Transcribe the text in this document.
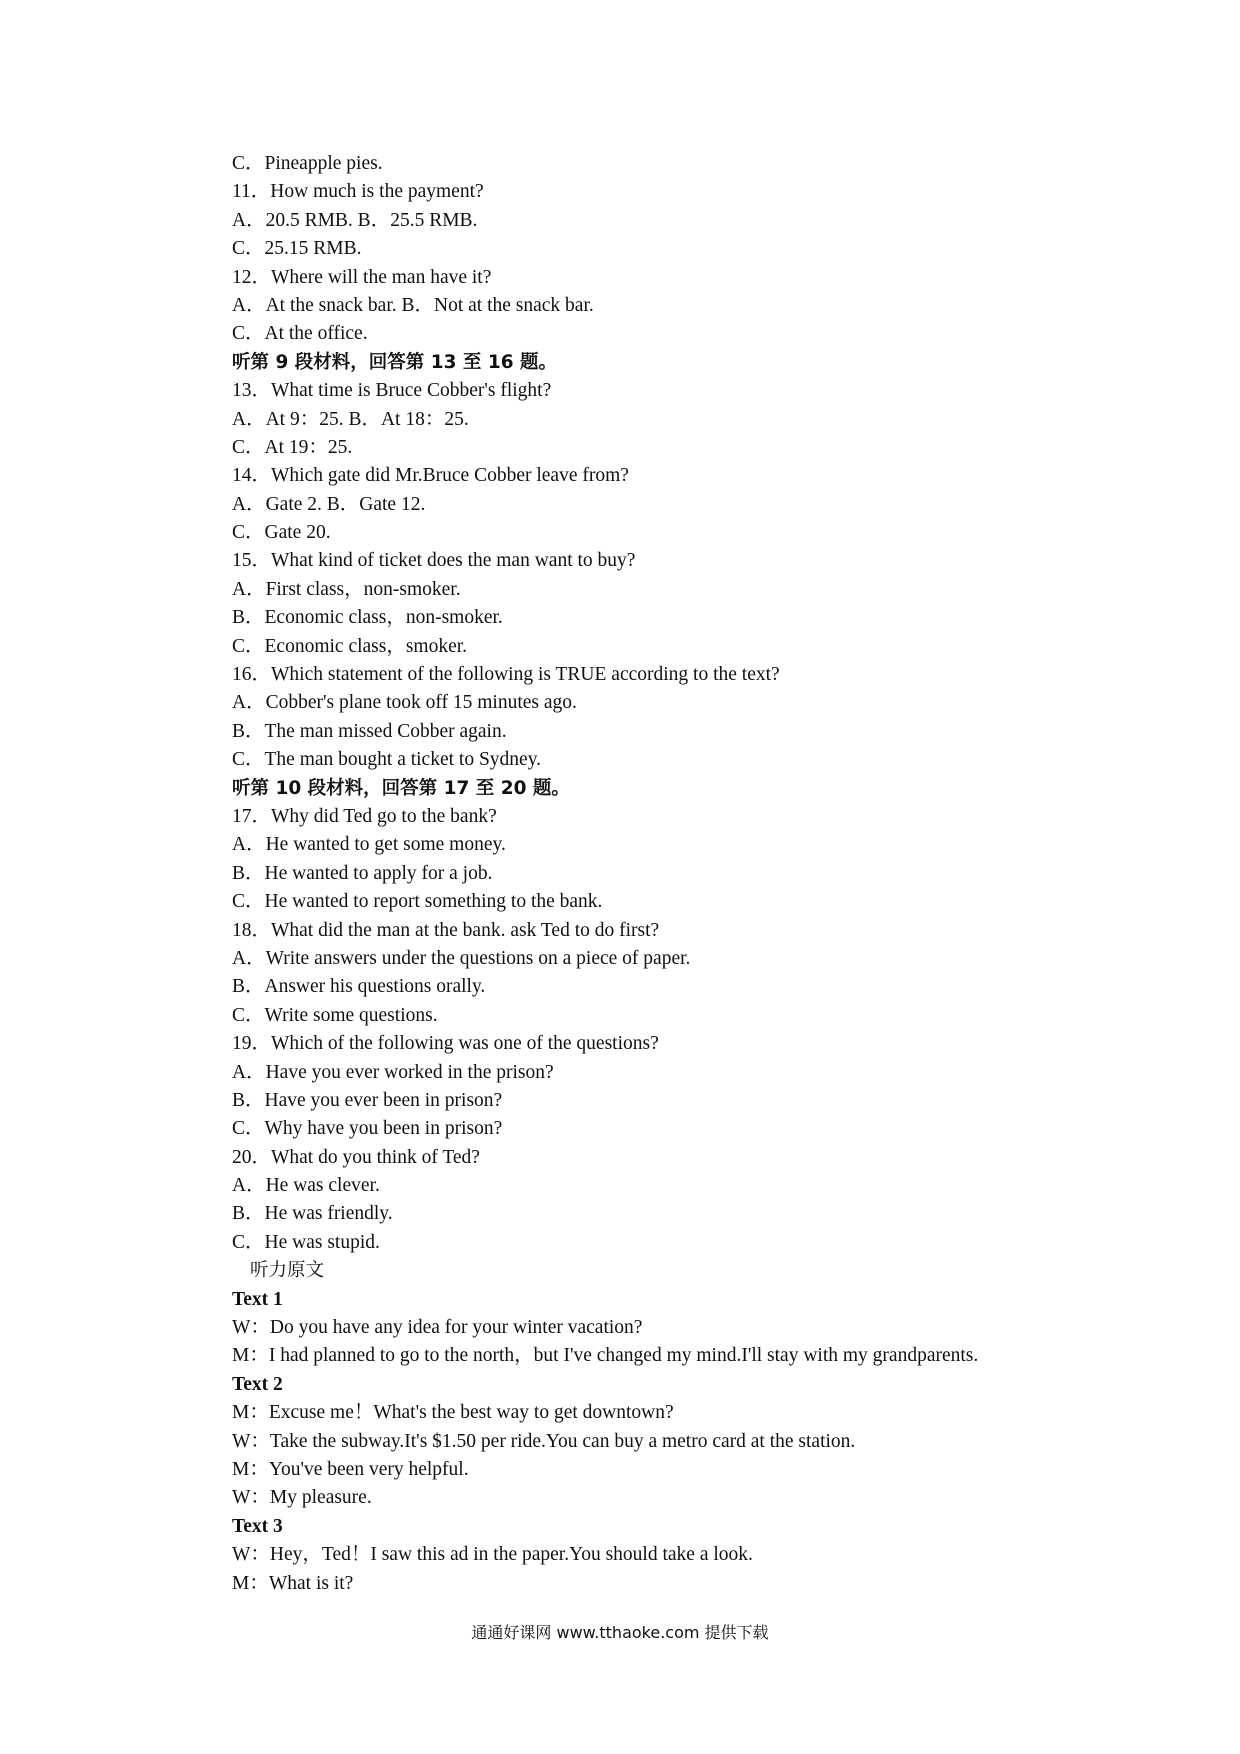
C．Pineapple pies.
11．How much is the payment?
A．20.5 RMB. B．25.5 RMB.
C．25.15 RMB.
12．Where will the man have it?
A．At the snack bar. B．Not at the snack bar.
C．At the office.
听第 9 段材料，回答第 13 至 16 题。
13．What time is Bruce Cobber's flight?
A．At 9：25. B．At 18：25.
C．At 19：25.
14．Which gate did Mr.Bruce Cobber leave from?
A．Gate 2. B．Gate 12.
C．Gate 20.
15．What kind of ticket does the man want to buy?
A．First class，non-smoker.
B．Economic class，non-smoker.
C．Economic class，smoker.
16．Which statement of the following is TRUE according to the text?
A．Cobber's plane took off 15 minutes ago.
B．The man missed Cobber again.
C．The man bought a ticket to Sydney.
听第 10 段材料，回答第 17 至 20 题。
17．Why did Ted go to the bank?
A．He wanted to get some money.
B．He wanted to apply for a job.
C．He wanted to report something to the bank.
18．What did the man at the bank. ask Ted to do first?
A．Write answers under the questions on a piece of paper.
B．Answer his questions orally.
C．Write some questions.
19．Which of the following was one of the questions?
A．Have you ever worked in the prison?
B．Have you ever been in prison?
C．Why have you been in prison?
20．What do you think of Ted?
A．He was clever.
B．He was friendly.
C．He was stupid.
听力原文
Text 1
W：Do you have any idea for your winter vacation?
M：I had planned to go to the north，but I've changed my mind.I'll stay with my grandparents.
Text 2
M：Excuse me！What's the best way to get downtown?
W：Take the subway.It's $1.50 per ride.You can buy a metro card at the station.
M：You've been very helpful.
W：My pleasure.
Text 3
W：Hey，Ted！I saw this ad in the paper.You should take a look.
M：What is it?
通通好课网 www.tthaoke.com 提供下载
